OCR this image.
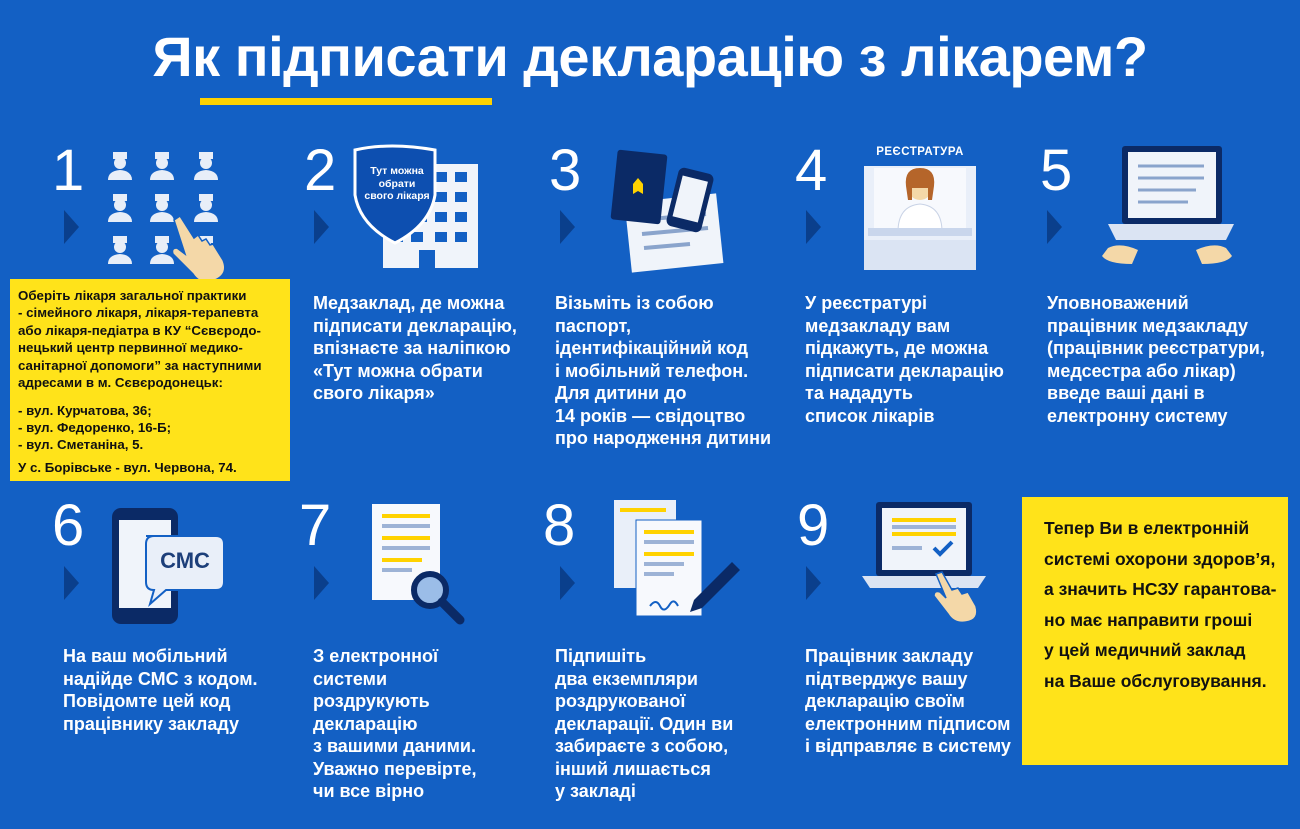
Як підписати декларацію з лікарем?
1
Оберіть лікаря загальної практики
- сімейного лікаря, лікаря-терапевта
або лікаря-педіатра в КУ “Сєвєродо-
нецький центр первинної медико-
санітарної допомоги” за наступними
адресами в м. Сєвєродонецьк:
- вул. Курчатова, 36;
- вул. Федоренко, 16-Б;
- вул. Сметаніна, 5.
У с. Борівське - вул. Червона, 74.
2	Тут можна
обрати
свого лікаря
Медзаклад, де можна
підписати декларацію,
впізнаєте за наліпкою
«Тут можна обрати
свого лікаря»
3
Візьміть із собою
паспорт,
ідентифікаційний код
і мобільний телефон.
Для дитини до
14 років — свідоцтво
про народження дитини
4	РЕЄСТРАТУРА
У реєстратурі
медзакладу вам
підкажуть, де можна
підписати декларацію
та нададуть
список лікарів
5
Уповноважений
працівник медзакладу
(працівник реєстратури,
медсестра або лікар)
введе ваші дані в
електронну систему
6
СМС
На ваш мобільний
надійде СМС з кодом.
Повідомте цей код
працівнику закладу
7
З електронної
системи
роздрукують
декларацію
з вашими даними.
Уважно перевірте,
чи все вірно
8
Підпишіть
два екземпляри
роздрукованої
декларації. Один ви
забираєте з собою,
інший лишається
у закладі
9
Працівник закладу
підтверджує вашу
декларацію своїм
електронним підписом
і відправляє в систему
Тепер Ви в електронній
системі охорони здоров’я,
а значить НСЗУ гарантова-
но має направити гроші
у цей медичний заклад
на Ваше обслуговування.
